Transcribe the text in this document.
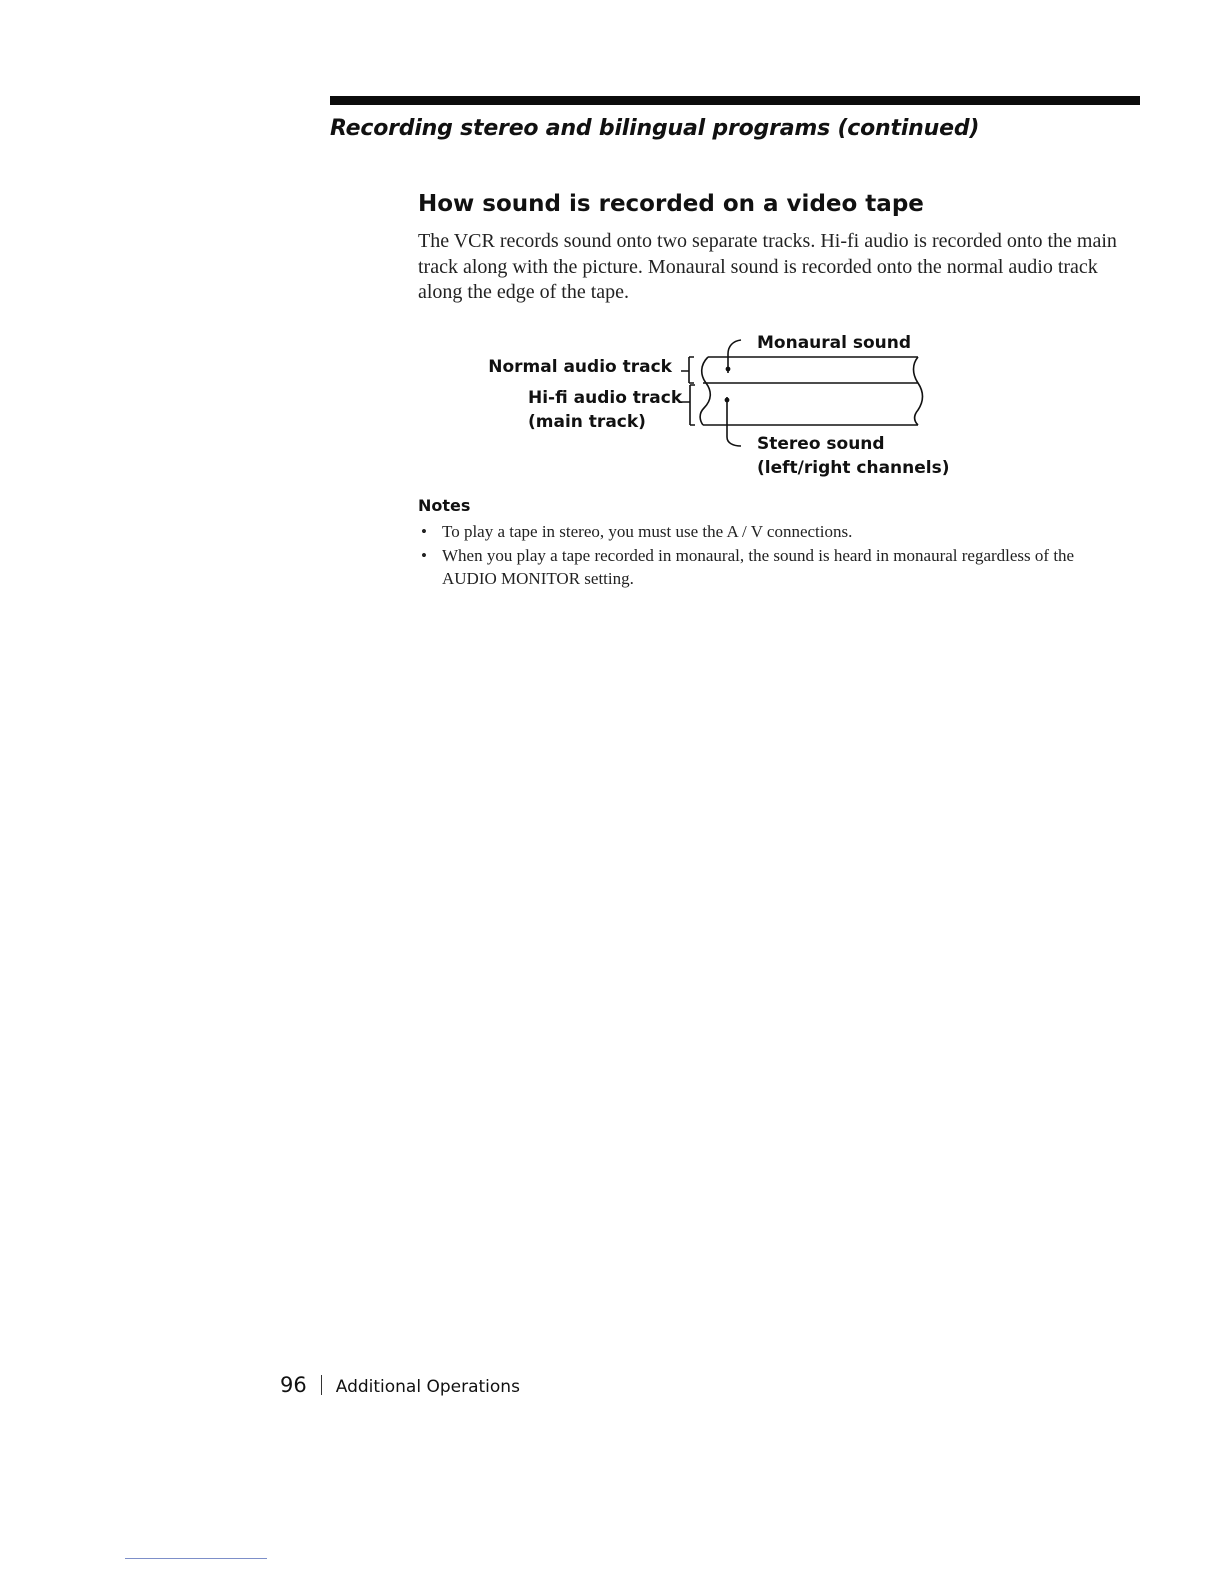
Recording stereo and bilingual programs (continued)
How sound is recorded on a video tape

The VCR records sound onto two separate tracks. Hi-fi audio is recorded onto the main track along with the picture. Monaural sound is recorded onto the normal audio track along the edge of the tape.

Normal audio track
Hi-fi audio track
(main track)
Monaural sound
Stereo sound
(left/right channels)
Notes
• To play a tape in stereo, you must use the A / V connections.
• When you play a tape recorded in monaural, the sound is heard in monaural regardless of the AUDIO MONITOR setting.
96 Additional Operations
